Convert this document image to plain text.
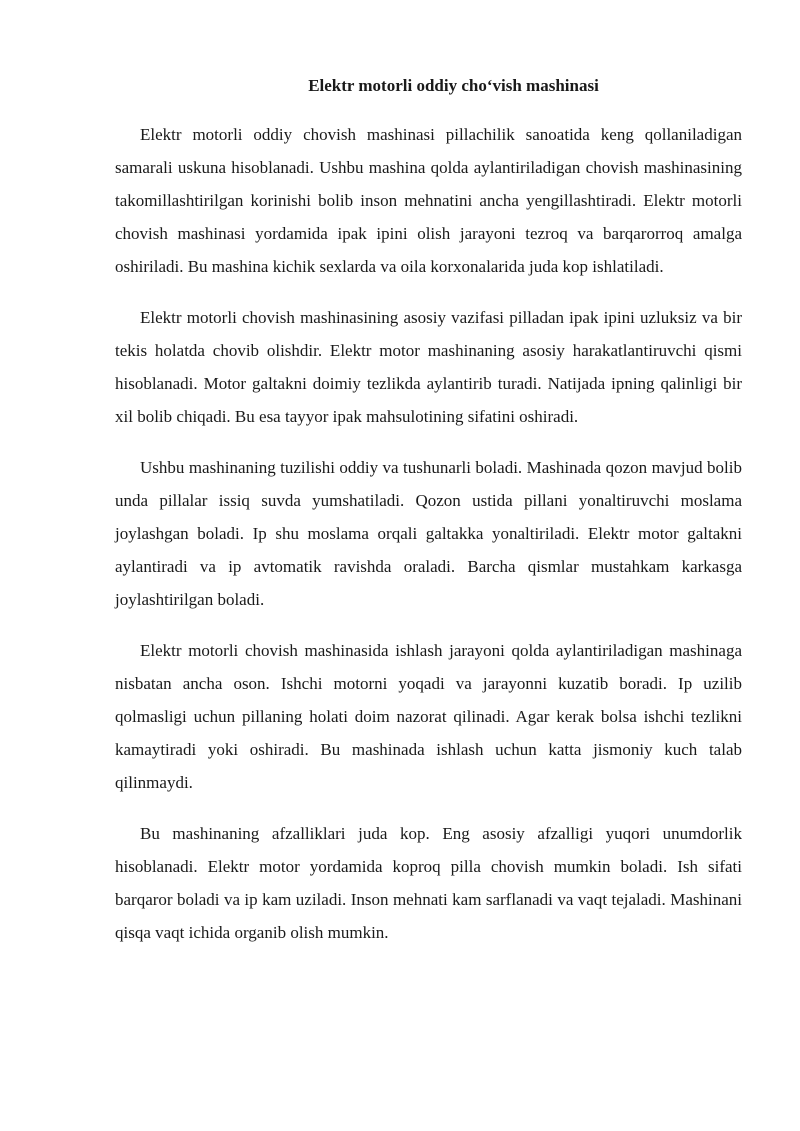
Elektr motorli oddiy cho‘vish mashinasi

Elektr motorli oddiy chovish mashinasi pillachilik sanoatida keng qollaniladigan samarali uskuna hisoblanadi. Ushbu mashina qolda aylantiriladigan chovish mashinasining takomillashtirilgan korinishi bolib inson mehnatini ancha yengillashtiradi. Elektr motorli chovish mashinasi yordamida ipak ipini olish jarayoni tezroq va barqarorroq amalga oshiriladi. Bu mashina kichik sexlarda va oila korxonalarida juda kop ishlatiladi.

Elektr motorli chovish mashinasining asosiy vazifasi pilladan ipak ipini uzluksiz va bir tekis holatda chovib olishdir. Elektr motor mashinaning asosiy harakatlantiruvchi qismi hisoblanadi. Motor galtakni doimiy tezlikda aylantirib turadi. Natijada ipning qalinligi bir xil bolib chiqadi. Bu esa tayyor ipak mahsulotining sifatini oshiradi.

Ushbu mashinaning tuzilishi oddiy va tushunarli boladi. Mashinada qozon mavjud bolib unda pillalar issiq suvda yumshatiladi. Qozon ustida pillani yonaltiruvchi moslama joylashgan boladi. Ip shu moslama orqali galtakka yonaltiriladi. Elektr motor galtakni aylantiradi va ip avtomatik ravishda oraladi. Barcha qismlar mustahkam karkasga joylashtirilgan boladi.

Elektr motorli chovish mashinasida ishlash jarayoni qolda aylantiriladigan mashinaga nisbatan ancha oson. Ishchi motorni yoqadi va jarayonni kuzatib boradi. Ip uzilib qolmasligi uchun pillaning holati doim nazorat qilinadi. Agar kerak bolsa ishchi tezlikni kamaytiradi yoki oshiradi. Bu mashinada ishlash uchun katta jismoniy kuch talab qilinmaydi.

Bu mashinaning afzalliklari juda kop. Eng asosiy afzalligi yuqori unumdorlik hisoblanadi. Elektr motor yordamida koproq pilla chovish mumkin boladi. Ish sifati barqaror boladi va ip kam uziladi. Inson mehnati kam sarflanadi va vaqt tejaladi. Mashinani qisqa vaqt ichida organib olish mumkin.
